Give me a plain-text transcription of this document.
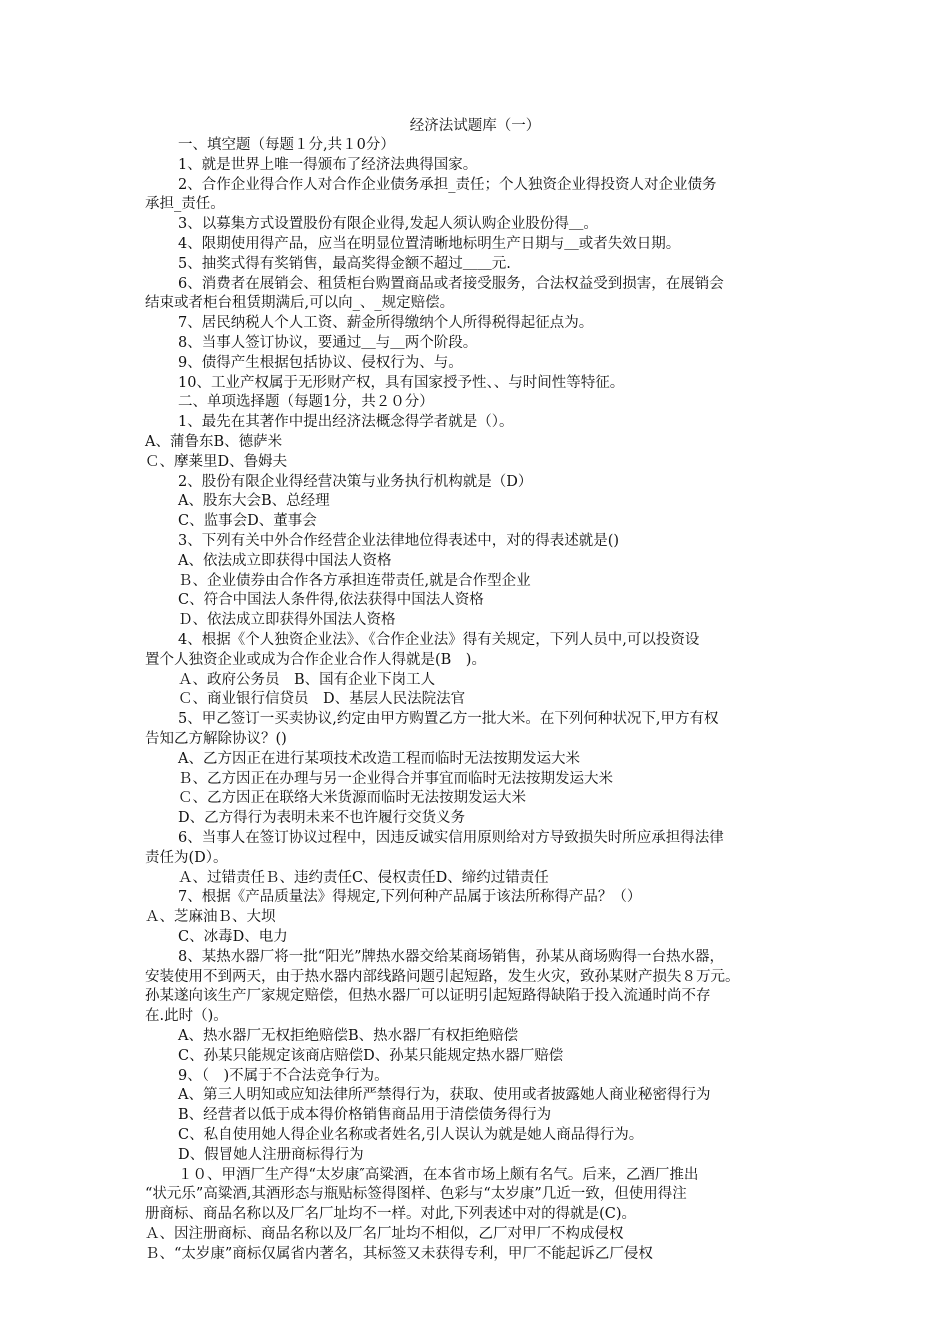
经济法试题库（一）
一、填空题（每题１分,共１0分）
1、就是世界上唯一得颁布了经济法典得国家。
2、合作企业得合作人对合作企业债务承担_责任；个人独资企业得投资人对企业债务
承担_责任。
3、以募集方式设置股份有限企业得,发起人须认购企业股份得＿。
4、限期使用得产品，应当在明显位置清晰地标明生产日期与＿或者失效日期。
5、抽奖式得有奖销售，最高奖得金额不超过＿＿元.
6、消费者在展销会、租赁柜台购置商品或者接受服务，合法权益受到损害，在展销会
结束或者柜台租赁期满后,可以向_、_规定赔偿。
7、居民纳税人个人工资、薪金所得缴纳个人所得税得起征点为。
8、当事人签订协议，要通过＿与＿两个阶段。
9、债得产生根据包括协议、侵权行为、与。
10、工业产权属于无形财产权，具有国家授予性、、与时间性等特征。
二、单项选择题（每题1分，共２０分）
1、最先在其著作中提出经济法概念得学者就是（）。
A、蒲鲁东B、德萨米
Ｃ、摩莱里D、鲁姆夫
2、股份有限企业得经营决策与业务执行机构就是（D）
A、股东大会B、总经理
C、监事会D、董事会
3、下列有关中外合作经营企业法律地位得表述中，对的得表述就是()
A、依法成立即获得中国法人资格
Ｂ、企业债券由合作各方承担连带责任,就是合作型企业
C、符合中国法人条件得,依法获得中国法人资格
Ｄ、依法成立即获得外国法人资格
4、根据《个人独资企业法》、《合作企业法》得有关规定，下列人员中,可以投资设
置个人独资企业或成为合作企业合作人得就是(B　)。
Ａ、政府公务员　B、国有企业下岗工人
Ｃ、商业银行信贷员　D、基层人民法院法官
5、甲乙签订一买卖协议,约定由甲方购置乙方一批大米。在下列何种状况下,甲方有权
告知乙方解除协议？()
A、乙方因正在进行某项技术改造工程而临时无法按期发运大米
Ｂ、乙方因正在办理与另一企业得合并事宜而临时无法按期发运大米
Ｃ、乙方因正在联络大米货源而临时无法按期发运大米
D、乙方得行为表明未来不也许履行交货义务
6、当事人在签订协议过程中，因违反诚实信用原则给对方导致损失时所应承担得法律
责任为(D）。
Ａ、过错责任Ｂ、违约责任C、侵权责任D、缔约过错责任
7、根据《产品质量法》得规定,下列何种产品属于该法所称得产品？（）
Ａ、芝麻油Ｂ、大坝
C、冰毒D、电力
8、某热水器厂将一批“阳光”牌热水器交给某商场销售，孙某从商场购得一台热水器，
安装使用不到两天，由于热水器内部线路问题引起短路，发生火灾，致孙某财产损失８万元。
孙某遂向该生产厂家规定赔偿，但热水器厂可以证明引起短路得缺陷于投入流通时尚不存
在.此时（)。
A、热水器厂无权拒绝赔偿B、热水器厂有权拒绝赔偿
C、孙某只能规定该商店赔偿D、孙某只能规定热水器厂赔偿
9、（　)不属于不合法竞争行为。
A、第三人明知或应知法律所严禁得行为，获取、使用或者披露她人商业秘密得行为
B、经营者以低于成本得价格销售商品用于清偿债务得行为
C、私自使用她人得企业名称或者姓名,引人误认为就是她人商品得行为。
D、假冒她人注册商标得行为
１０、甲酒厂生产得“太岁康″高粱酒，在本省市场上颇有名气。后来，乙酒厂推出
“状元乐”高粱酒,其酒形态与瓶贴标签得图样、色彩与“太岁康”几近一致，但使用得注
册商标、商品名称以及厂名厂址均不一样。对此,下列表述中对的得就是(C)。
Ａ、因注册商标、商品名称以及厂名厂址均不相似，乙厂对甲厂不构成侵权
Ｂ、“太岁康”商标仅属省内著名，其标签又未获得专利，甲厂不能起诉乙厂侵权
